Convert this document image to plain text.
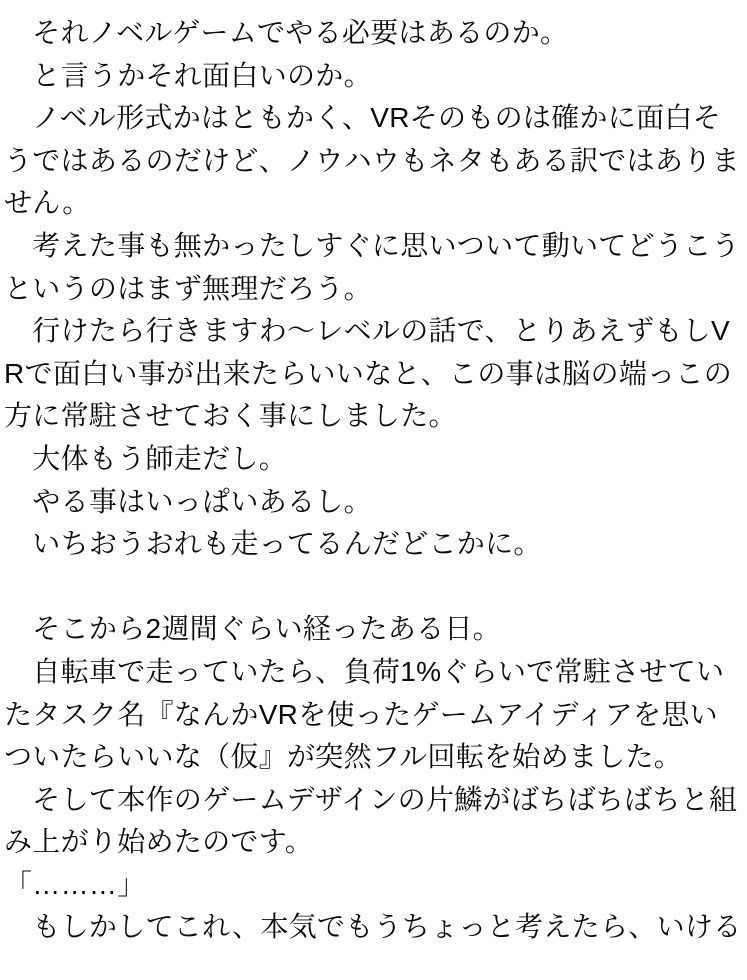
　それノベルゲームでやる必要はあるのか。
　と言うかそれ面白いのか。
　ノベル形式かはともかく、VRそのものは確かに面白そ
うではあるのだけど、ノウハウもネタもある訳ではありま
せん。
　考えた事も無かったしすぐに思いついて動いてどうこう
というのはまず無理だろう。
　行けたら行きますわ〜レベルの話で、とりあえずもしV
Rで面白い事が出来たらいいなと、この事は脳の端っこの
方に常駐させておく事にしました。
　大体もう師走だし。
　やる事はいっぱいあるし。
　いちおうおれも走ってるんだどこかに。
　そこから2週間ぐらい経ったある日。
　自転車で走っていたら、負荷1%ぐらいで常駐させてい
たタスク名『なんかVRを使ったゲームアイディアを思い
ついたらいいな（仮』が突然フル回転を始めました。
　そして本作のゲームデザインの片鱗がばちばちばちと組
み上がり始めたのです。
「………」
　もしかしてこれ、本気でもうちょっと考えたら、いける
